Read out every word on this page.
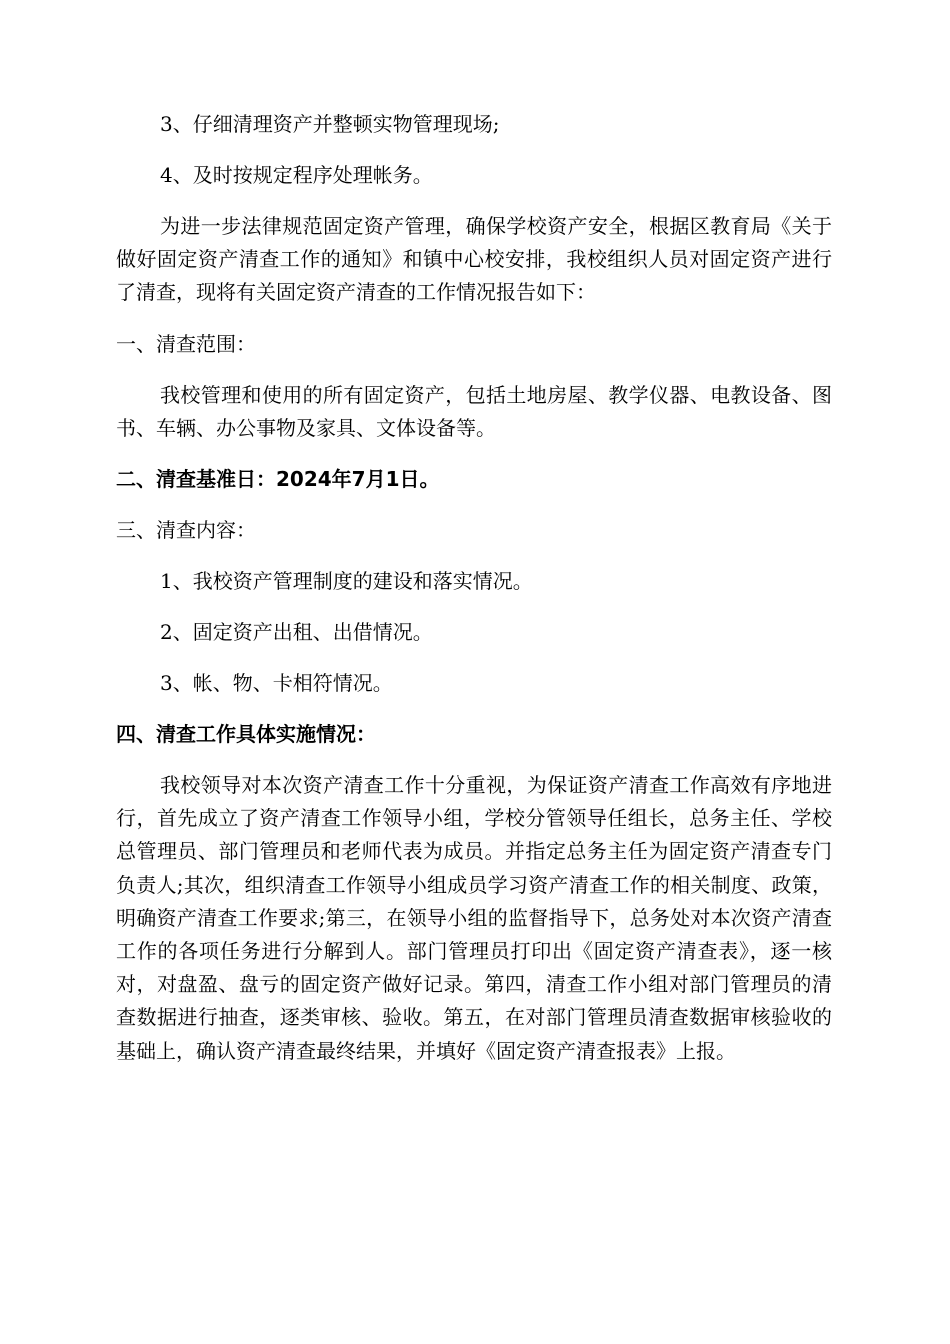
3、仔细清理资产并整顿实物管理现场;

4、及时按规定程序处理帐务。

为进一步法律规范固定资产管理，确保学校资产安全，根据区教育局《关于做好固定资产清查工作的通知》和镇中心校安排，我校组织人员对固定资产进行了清查，现将有关固定资产清查的工作情况报告如下：

一、清查范围：

我校管理和使用的所有固定资产，包括土地房屋、教学仪器、电教设备、图书、车辆、办公事物及家具、文体设备等。

二、清查基准日：2024年7月1日。

三、清查内容：

1、我校资产管理制度的建设和落实情况。

2、固定资产出租、出借情况。

3、帐、物、卡相符情况。

四、清查工作具体实施情况：

我校领导对本次资产清查工作十分重视，为保证资产清查工作高效有序地进行，首先成立了资产清查工作领导小组，学校分管领导任组长，总务主任、学校总管理员、部门管理员和老师代表为成员。并指定总务主任为固定资产清查专门负责人;其次，组织清查工作领导小组成员学习资产清查工作的相关制度、政策，明确资产清查工作要求;第三，在领导小组的监督指导下，总务处对本次资产清查工作的各项任务进行分解到人。部门管理员打印出《固定资产清查表》，逐一核对，对盘盈、盘亏的固定资产做好记录。第四，清查工作小组对部门管理员的清查数据进行抽查，逐类审核、验收。第五，在对部门管理员清查数据审核验收的基础上，确认资产清查最终结果，并填好《固定资产清查报表》上报。
